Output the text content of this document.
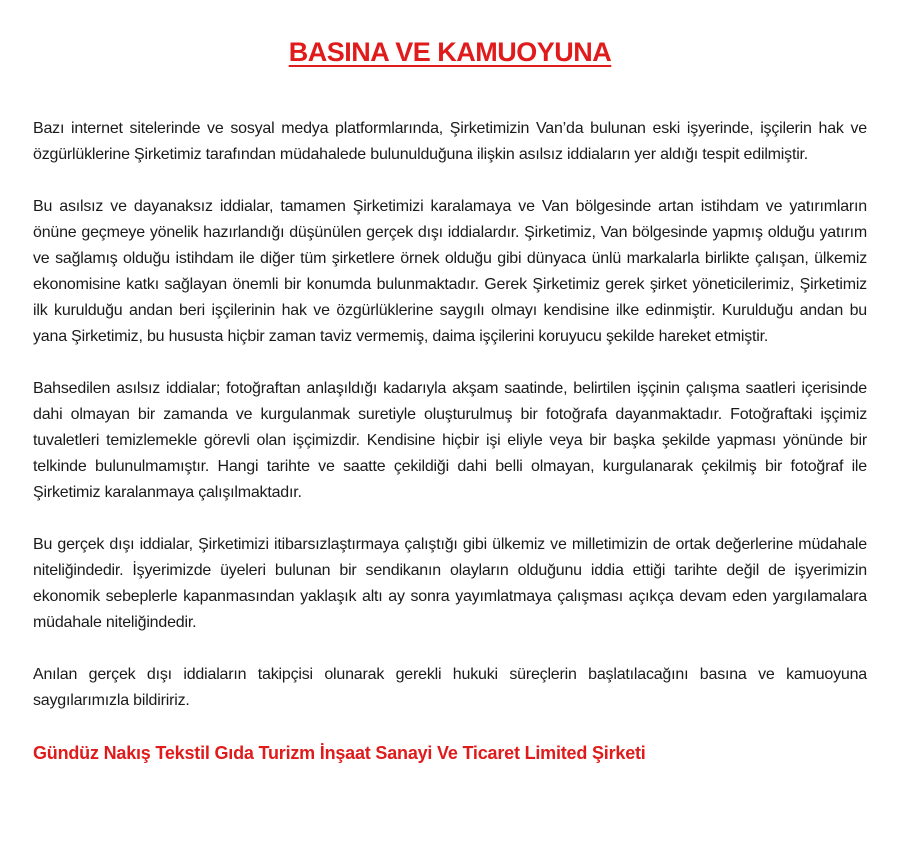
BASINA VE KAMUOYUNA

Bazı internet sitelerinde ve sosyal medya platformlarında, Şirketimizin Van’da bulunan eski işyerinde, işçilerin hak ve özgürlüklerine Şirketimiz tarafından müdahalede bulunulduğuna ilişkin asılsız iddiaların yer aldığı tespit edilmiştir.

Bu asılsız ve dayanaksız iddialar, tamamen Şirketimizi karalamaya ve Van bölgesinde artan istihdam ve yatırımların önüne geçmeye yönelik hazırlandığı düşünülen gerçek dışı iddialardır. Şirketimiz, Van bölgesinde yapmış olduğu yatırım ve sağlamış olduğu istihdam ile diğer tüm şirketlere örnek olduğu gibi dünyaca ünlü markalarla birlikte çalışan, ülkemiz ekonomisine katkı sağlayan önemli bir konumda bulunmaktadır. Gerek Şirketimiz gerek şirket yöneticilerimiz, Şirketimiz ilk kurulduğu andan beri işçilerinin hak ve özgürlüklerine saygılı olmayı kendisine ilke edinmiştir. Kurulduğu andan bu yana Şirketimiz, bu hususta hiçbir zaman taviz vermemiş, daima işçilerini koruyucu şekilde hareket etmiştir.

Bahsedilen asılsız iddialar; fotoğraftan anlaşıldığı kadarıyla akşam saatinde, belirtilen işçinin çalışma saatleri içerisinde dahi olmayan bir zamanda ve kurgulanmak suretiyle oluşturulmuş bir fotoğrafa dayanmaktadır. Fotoğraftaki işçimiz tuvaletleri temizlemekle görevli olan işçimizdir. Kendisine hiçbir işi eliyle veya bir başka şekilde yapması yönünde bir telkinde bulunulmamıştır. Hangi tarihte ve saatte çekildiği dahi belli olmayan, kurgulanarak çekilmiş bir fotoğraf ile Şirketimiz karalanmaya çalışılmaktadır.

Bu gerçek dışı iddialar, Şirketimizi itibarsızlaştırmaya çalıştığı gibi ülkemiz ve milletimizin de ortak değerlerine müdahale niteliğindedir. İşyerimizde üyeleri bulunan bir sendikanın olayların olduğunu iddia ettiği tarihte değil de işyerimizin ekonomik sebeplerle kapanmasından yaklaşık altı ay sonra yayımlatmaya çalışması açıkça devam eden yargılamalara müdahale niteliğindedir.

Anılan gerçek dışı iddiaların takipçisi olunarak gerekli hukuki süreçlerin başlatılacağını basına ve kamuoyuna saygılarımızla bildiririz.

Gündüz Nakış Tekstil Gıda Turizm İnşaat Sanayi Ve Ticaret Limited Şirketi
